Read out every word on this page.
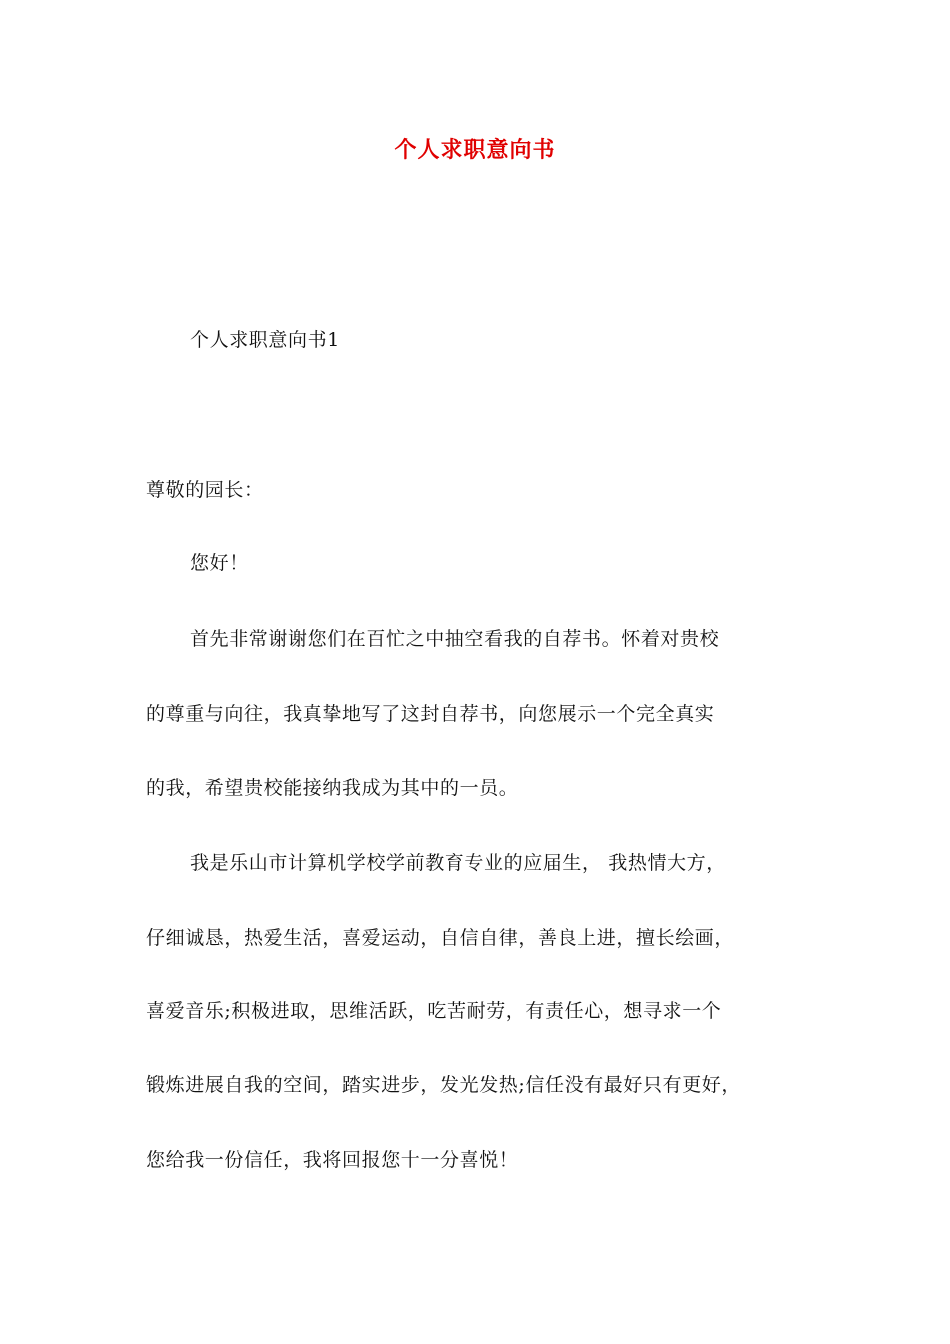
个人求职意向书
个人求职意向书1
尊敬的园长：
您好！
首先非常谢谢您们在百忙之中抽空看我的自荐书。怀着对贵校
的尊重与向往，我真挚地写了这封自荐书，向您展示一个完全真实
的我，希望贵校能接纳我成为其中的一员。
我是乐山市计算机学校学前教育专业的应届生， 我热情大方，
仔细诚恳，热爱生活，喜爱运动，自信自律，善良上进，擅长绘画，
喜爱音乐;积极进取，思维活跃，吃苦耐劳，有责任心，想寻求一个
锻炼进展自我的空间，踏实进步，发光发热;信任没有最好只有更好，
您给我一份信任，我将回报您十一分喜悦！
